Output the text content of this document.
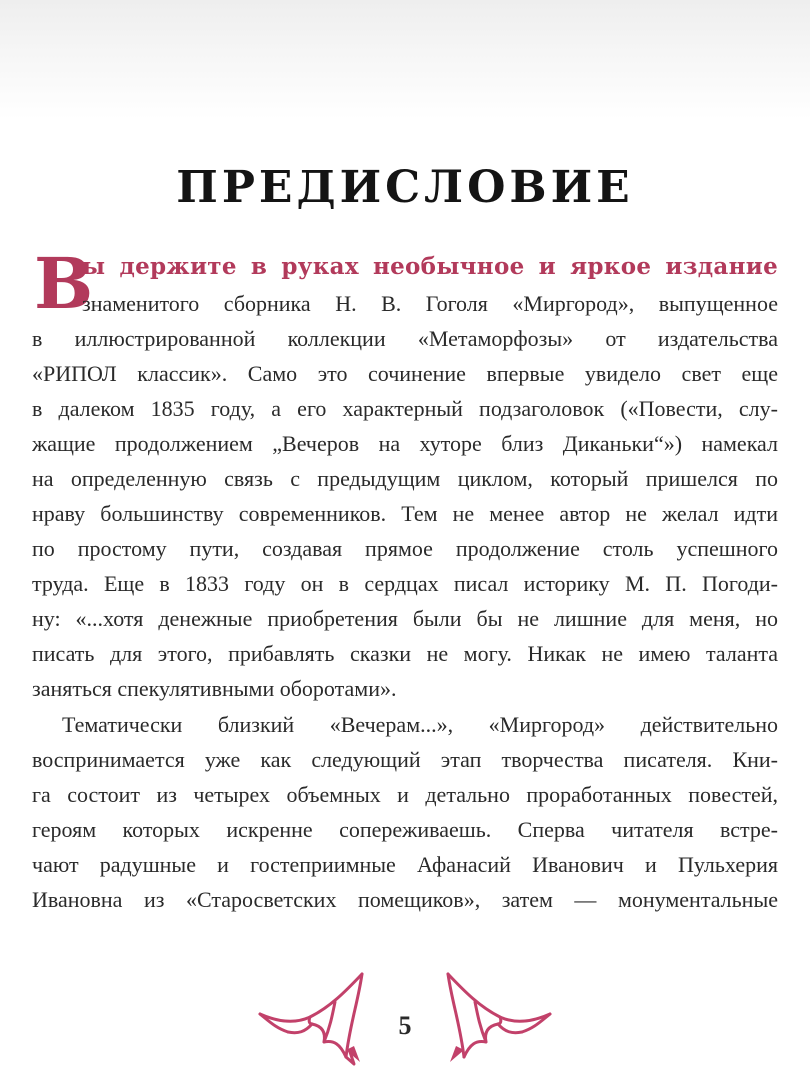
ПРЕДИСЛОВИЕ
В
ы держите в руках необычное и яркое издание
знаменитого сборника Н. В. Гоголя «Миргород», выпущенное
в иллюстрированной коллекции «Метаморфозы» от издательства
«РИПОЛ классик». Само это сочинение впервые увидело свет еще
в далеком 1835 году, а его характерный подзаголовок («Повести, слу-
жащие продолжением „Вечеров на хуторе близ Диканьки“») намекал
на определенную связь с предыдущим циклом, который пришелся по
нраву большинству современников. Тем не менее автор не желал идти
по простому пути, создавая прямое продолжение столь успешного
труда. Еще в 1833 году он в сердцах писал историку М. П. Погоди-
ну: «...хотя денежные приобретения были бы не лишние для меня, но
писать для этого, прибавлять сказки не могу. Никак не имею таланта
заняться спекулятивными оборотами».
Тематически близкий «Вечерам...», «Миргород» действительно
воспринимается уже как следующий этап творчества писателя. Кни-
га состоит из четырех объемных и детально проработанных повестей,
героям которых искренне сопереживаешь. Сперва читателя встре-
чают радушные и гостеприимные Афанасий Иванович и Пульхерия
Ивановна из «Старосветских помещиков», затем — монументальные
5
